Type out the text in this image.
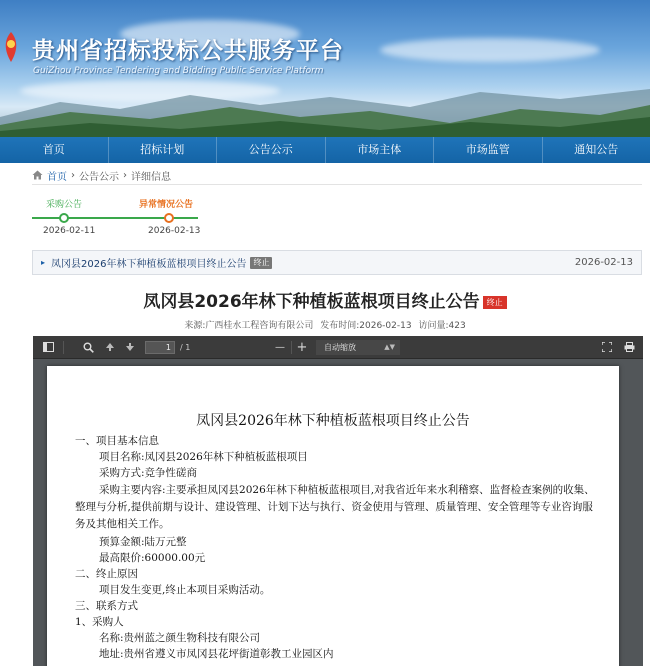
贵州省招标投标公共服务平台
GuiZhou Province Tendering and Bidding Public Service Platform
首页	招标计划	公告公示	市场主体	市场监管	通知公告
首页 › 公告公示 › 详细信息
采购公告
2026-02-11
异常情况公告
2026-02-13
▸ 凤冈县2026年林下种植板蓝根项目终止公告 终止	2026-02-13
凤冈县2026年林下种植板蓝根项目终止公告 终止
来源:广西桂水工程咨询有限公司 发布时间:2026-02-13 访问量:423
1	/ 1	— +	自动缩放	▲▼
凤冈县2026年林下种植板蓝根项目终止公告
一、项目基本信息
项目名称:凤冈县2026年林下种植板蓝根项目
采购方式:竞争性磋商
采购主要内容:主要承担凤冈县2026年林下种植板蓝根项目,对我省近年来水利稽察、监督检查案例的收集、整理与分析,提供前期与设计、建设管理、计划下达与执行、资金使用与管理、质量管理、安全管理等专业咨询服务及其他相关工作。
预算金额:陆万元整
最高限价:60000.00元
二、终止原因
项目发生变更,终止本项目采购活动。
三、联系方式
1、采购人
名称:贵州蓝之颜生物科技有限公司
地址:贵州省遵义市凤冈县花坪街道彰教工业园区内
